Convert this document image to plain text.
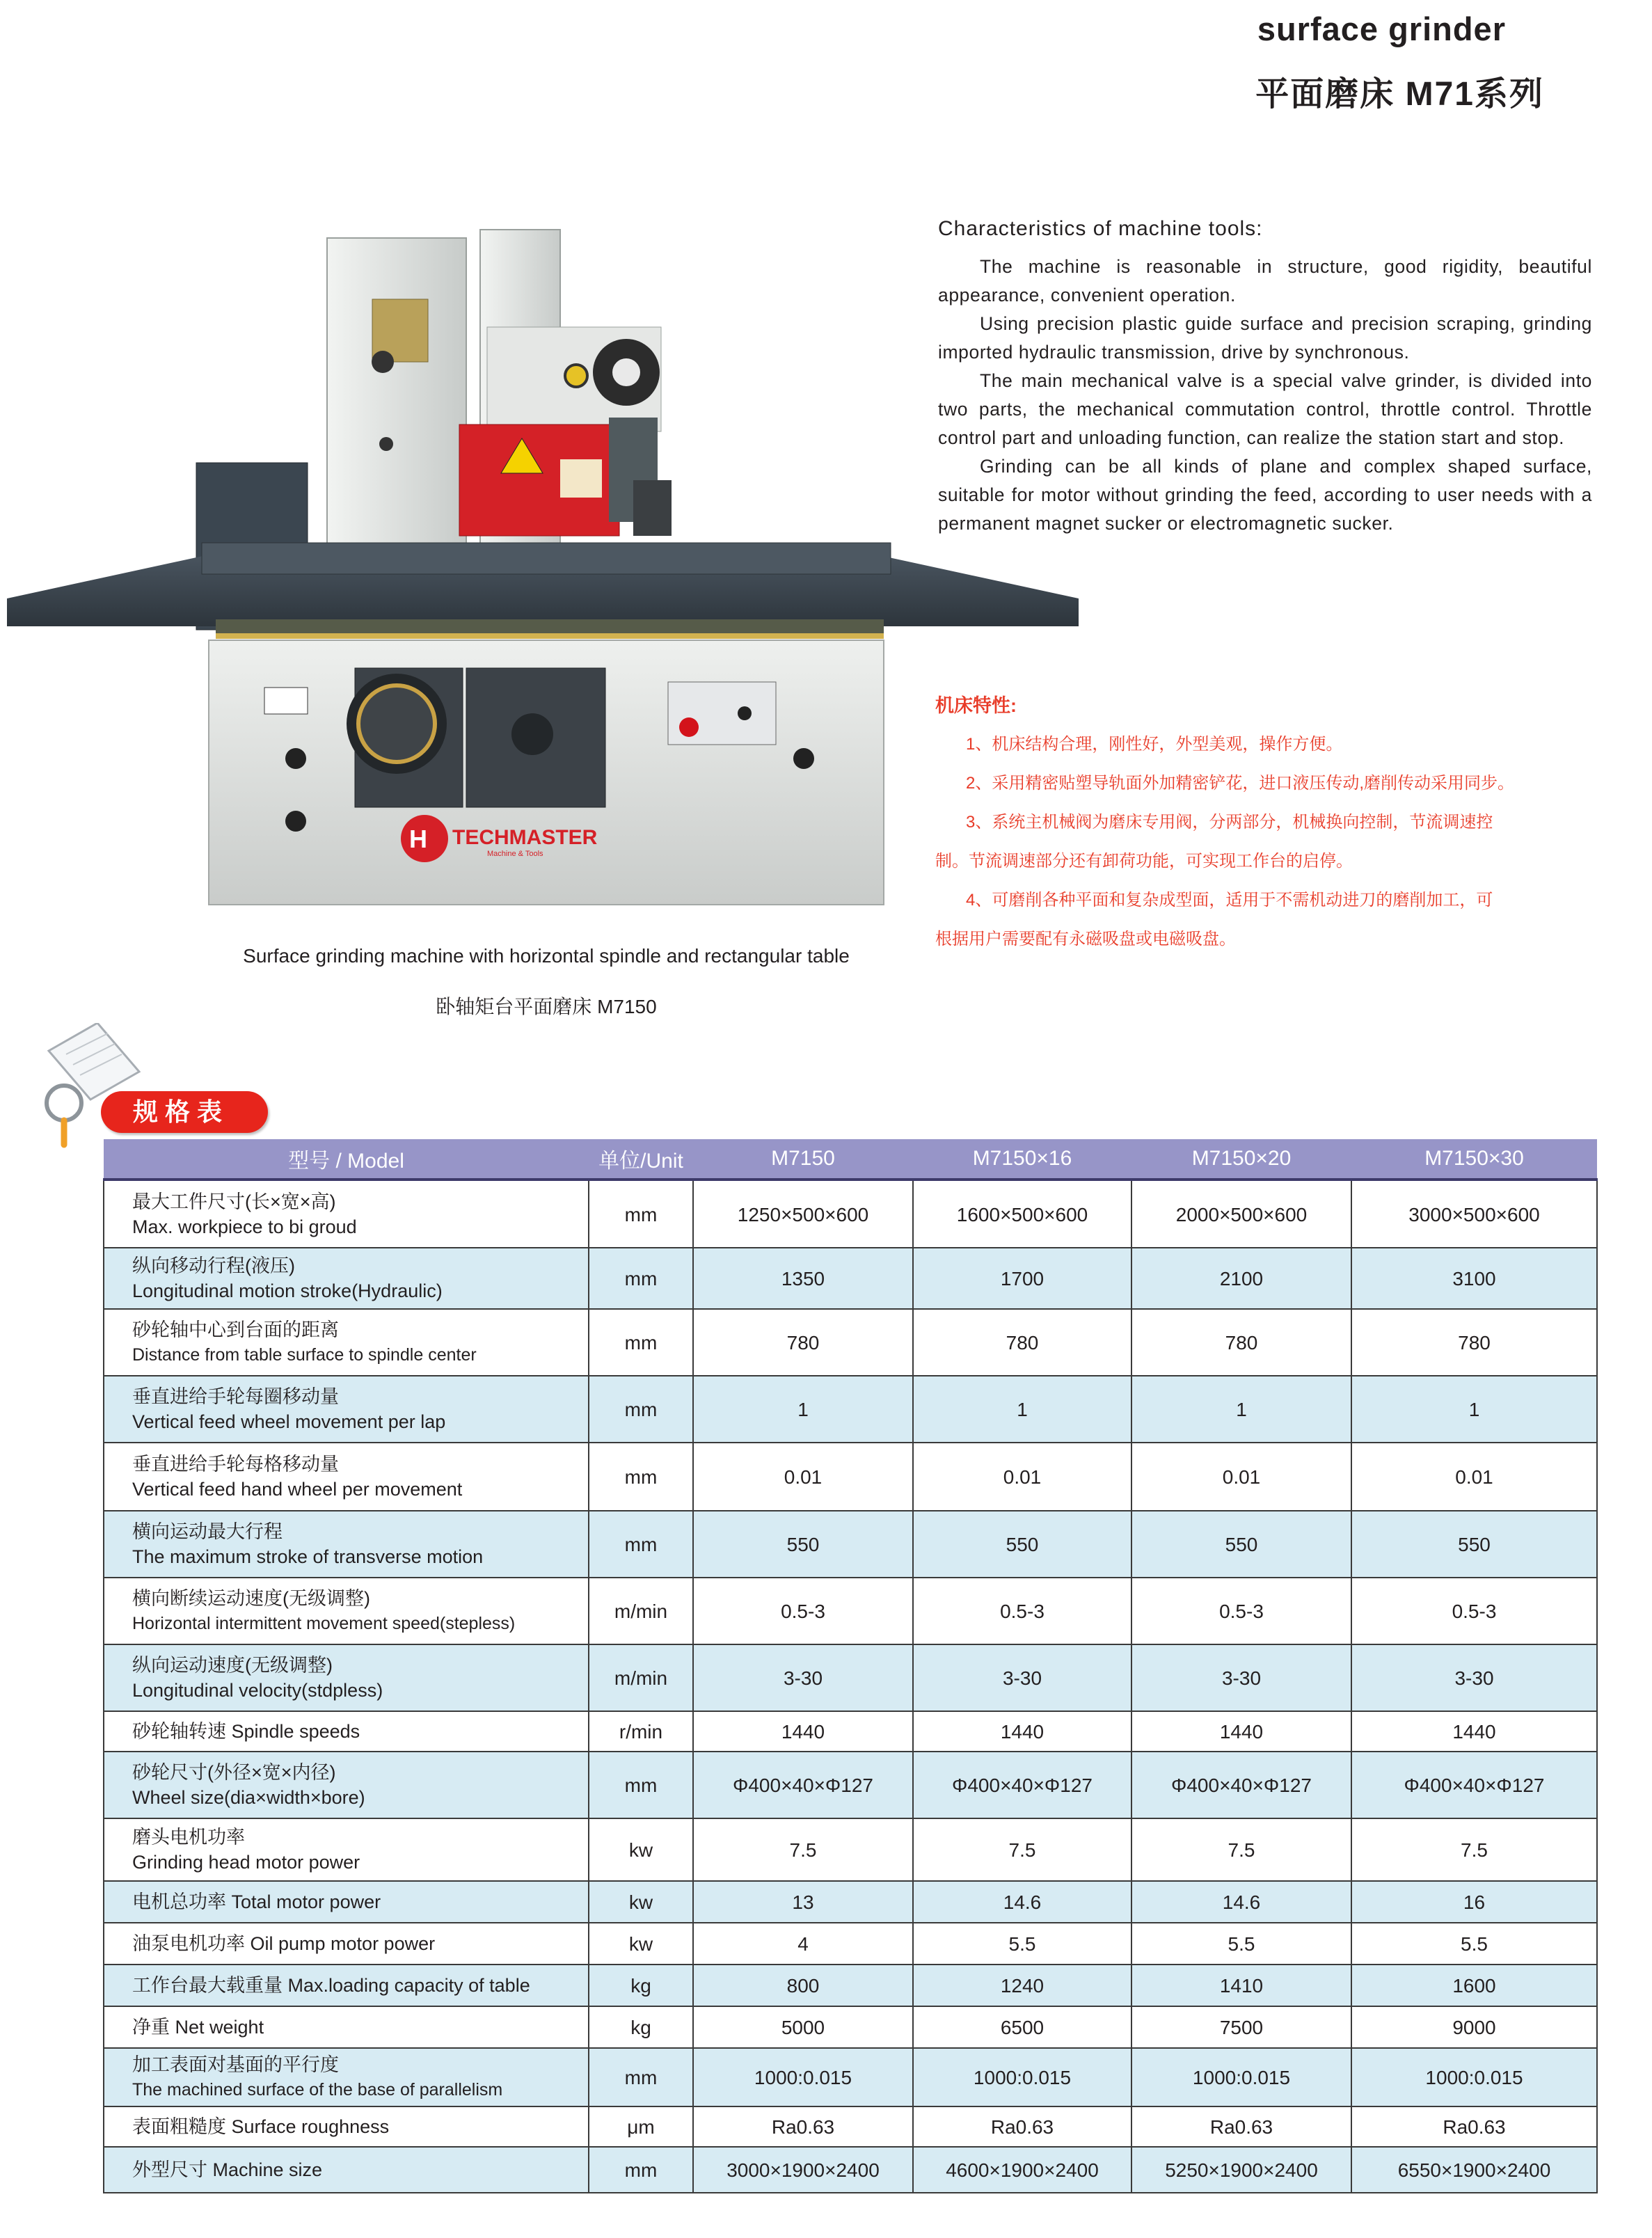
surface grinder
平面磨床 M71系列
H TECHMASTER
Machine & Tools
Surface grinding machine with horizontal spindle and rectangular table
卧轴矩台平面磨床 M7150
Characteristics of machine tools:

The machine is reasonable in structure, good rigidity, beautiful appearance, convenient operation.

Using precision plastic guide surface and precision scraping, grinding imported hydraulic transmission, drive by synchronous.

The main mechanical valve is a special valve grinder, is divided into two parts, the mechanical commutation control, throttle control. Throttle control part and unloading function, can realize the station start and stop.

Grinding can be all kinds of plane and complex shaped surface, suitable for motor without grinding the feed, according to user needs with a permanent magnet sucker or electromagnetic sucker.

机床特性:

1、机床结构合理，刚性好，外型美观，操作方便。

2、采用精密贴塑导轨面外加精密铲花，进口液压传动,磨削传动采用同步。

3、系统主机械阀为磨床专用阀，分两部分，机械换向控制，节流调速控

制。节流调速部分还有卸荷功能，可实现工作台的启停。

4、可磨削各种平面和复杂成型面，适用于不需机动进刀的磨削加工，可

根据用户需要配有永磁吸盘或电磁吸盘。

规格表
型号 / Model	单位/Unit	M7150	M7150×16	M7150×20	M7150×30
最大工件尺寸(长×宽×高)
Max. workpiece to bi groud	mm	1250×500×600	1600×500×600	2000×500×600	3000×500×600
纵向移动行程(液压)
Longitudinal motion stroke(Hydraulic)	mm	1350	1700	2100	3100
砂轮轴中心到台面的距离
Distance from table surface to spindle center	mm	780	780	780	780
垂直进给手轮每圈移动量
Vertical feed wheel movement per lap	mm	1	1	1	1
垂直进给手轮每格移动量
Vertical feed hand wheel per movement	mm	0.01	0.01	0.01	0.01
横向运动最大行程
The maximum stroke of transverse motion	mm	550	550	550	550
横向断续运动速度(无级调整)
Horizontal intermittent movement speed(stepless)	m/min	0.5-3	0.5-3	0.5-3	0.5-3
纵向运动速度(无级调整)
Longitudinal velocity(stdpless)	m/min	3-30	3-30	3-30	3-30
砂轮轴转速 Spindle speeds	r/min	1440	1440	1440	1440
砂轮尺寸(外径×宽×内径)
Wheel size(dia×width×bore)	mm	Φ400×40×Φ127	Φ400×40×Φ127	Φ400×40×Φ127	Φ400×40×Φ127
磨头电机功率
Grinding head motor power	kw	7.5	7.5	7.5	7.5
电机总功率 Total motor power	kw	13	14.6	14.6	16
油泵电机功率 Oil pump motor power	kw	4	5.5	5.5	5.5
工作台最大载重量 Max.loading capacity of table	kg	800	1240	1410	1600
净重 Net weight	kg	5000	6500	7500	9000
加工表面对基面的平行度
The machined surface of the base of parallelism	mm	1000:0.015	1000:0.015	1000:0.015	1000:0.015
表面粗糙度 Surface roughness	μm	Ra0.63	Ra0.63	Ra0.63	Ra0.63
外型尺寸 Machine size	mm	3000×1900×2400	4600×1900×2400	5250×1900×2400	6550×1900×2400
